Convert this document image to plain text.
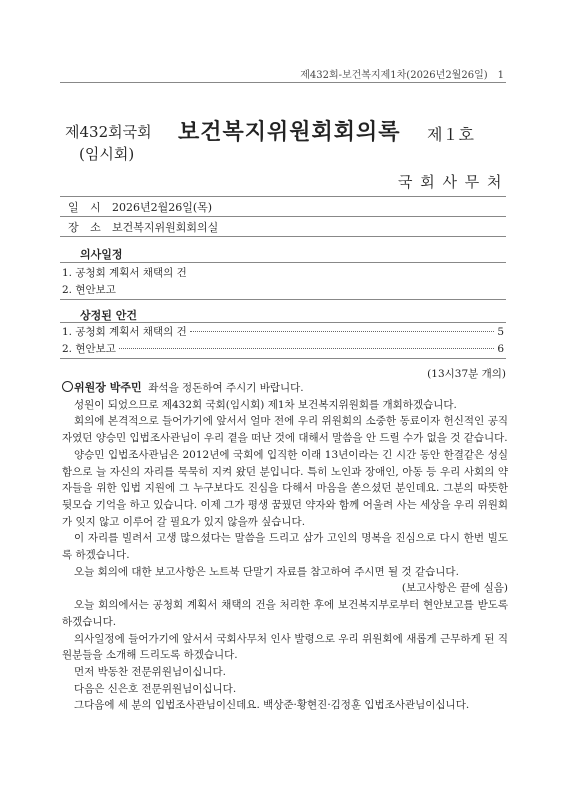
제432회-보건복지제1차(2026년2월26일)　1
제432회국회
(임시회)
보건복지위원회회의록 제１호
국 회 사 무 처
일 시 2026년2월26일(목)
장 소 보건복지위원회회의실
의사일정
1. 공청회 계획서 채택의 건
2. 현안보고
상정된 안건
1. 공청회 계획서 채택의 건	5
2. 현안보고	6
(13시37분 개의)

위원장 박주민 좌석을 정돈하여 주시기 바랍니다.

성원이 되었으므로 제432회 국회(임시회) 제1차 보건복지위원회를 개회하겠습니다.

회의에 본격적으로 들어가기에 앞서서 얼마 전에 우리 위원회의 소중한 동료이자 헌신적인 공직자였던 양승민 입법조사관님이 우리 곁을 떠난 것에 대해서 말씀을 안 드릴 수가 없을 것 같습니다.

양승민 입법조사관님은 2012년에 국회에 입직한 이래 13년이라는 긴 시간 동안 한결같은 성실함으로 늘 자신의 자리를 묵묵히 지켜 왔던 분입니다. 특히 노인과 장애인, 아동 등 우리 사회의 약자들을 위한 입법 지원에 그 누구보다도 진심을 다해서 마음을 쏟으셨던 분인데요. 그분의 따뜻한 뒷모습 기억을 하고 있습니다. 이제 그가 평생 꿈꿨던 약자와 함께 어울려 사는 세상을 우리 위원회가 잊지 않고 이루어 갈 필요가 있지 않을까 싶습니다.

이 자리를 빌려서 고생 많으셨다는 말씀을 드리고 삼가 고인의 명복을 진심으로 다시 한번 빌도록 하겠습니다.

오늘 회의에 대한 보고사항은 노트북 단말기 자료를 참고하여 주시면 될 것 같습니다.

(보고사항은 끝에 실음)

오늘 회의에서는 공청회 계획서 채택의 건을 처리한 후에 보건복지부로부터 현안보고를 받도록 하겠습니다.

의사일정에 들어가기에 앞서서 국회사무처 인사 발령으로 우리 위원회에 새롭게 근무하게 된 직원분들을 소개해 드리도록 하겠습니다.

먼저 박동찬 전문위원님이십니다.

다음은 신은호 전문위원님이십니다.

그다음에 세 분의 입법조사관님이신데요. 백상준·황현진·김정훈 입법조사관님이십니다.
